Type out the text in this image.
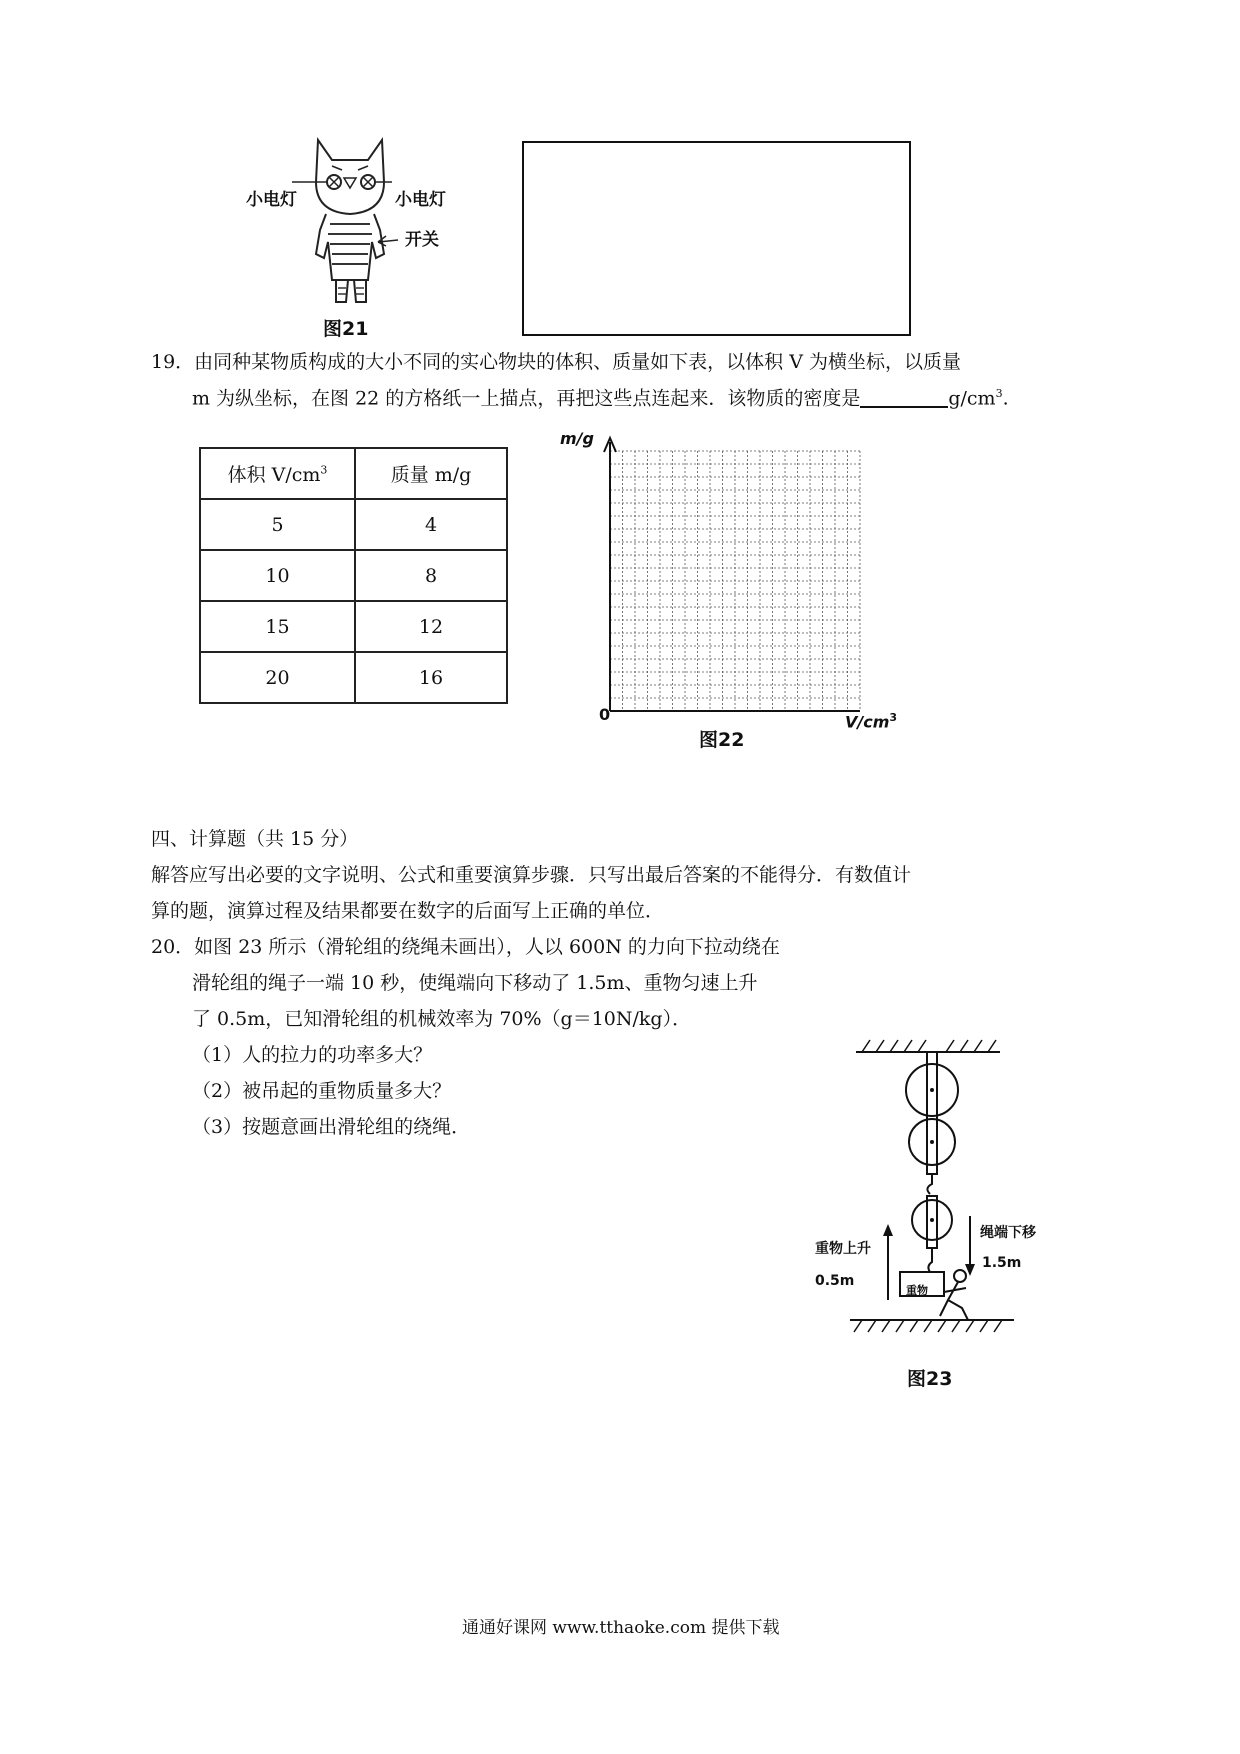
小电灯	小电灯
开关
图21
19．由同种某物质构成的大小不同的实心物块的体积、质量如下表，以体积 V 为横坐标，以质量
m 为纵坐标，在图 22 的方格纸一上描点，再把这些点连起来．该物质的密度是	$g/cm^3$.
体积 $V/cm^3$	质量 m/g
5	4
10	8
15	12
20	16
m/g
0	$V/cm^3$
图22
四、计算题（共 15 分）
解答应写出必要的文字说明、公式和重要演算步骤．只写出最后答案的不能得分．有数值计
算的题，演算过程及结果都要在数字的后面写上正确的单位．
20．如图 23 所示（滑轮组的绕绳未画出），人以 600N 的力向下拉动绕在
滑轮组的绳子一端 10 秒，使绳端向下移动了 1.5m、重物匀速上升
了 0.5m，已知滑轮组的机械效率为 70%（g＝10N/kg）．
（1）人的拉力的功率多大？
（2）被吊起的重物质量多大？
（3）按题意画出滑轮组的绕绳．
重物
重物上升
0.5m
绳端下移
1.5m
图23
通通好课网 www.tthaoke.com 提供下载
